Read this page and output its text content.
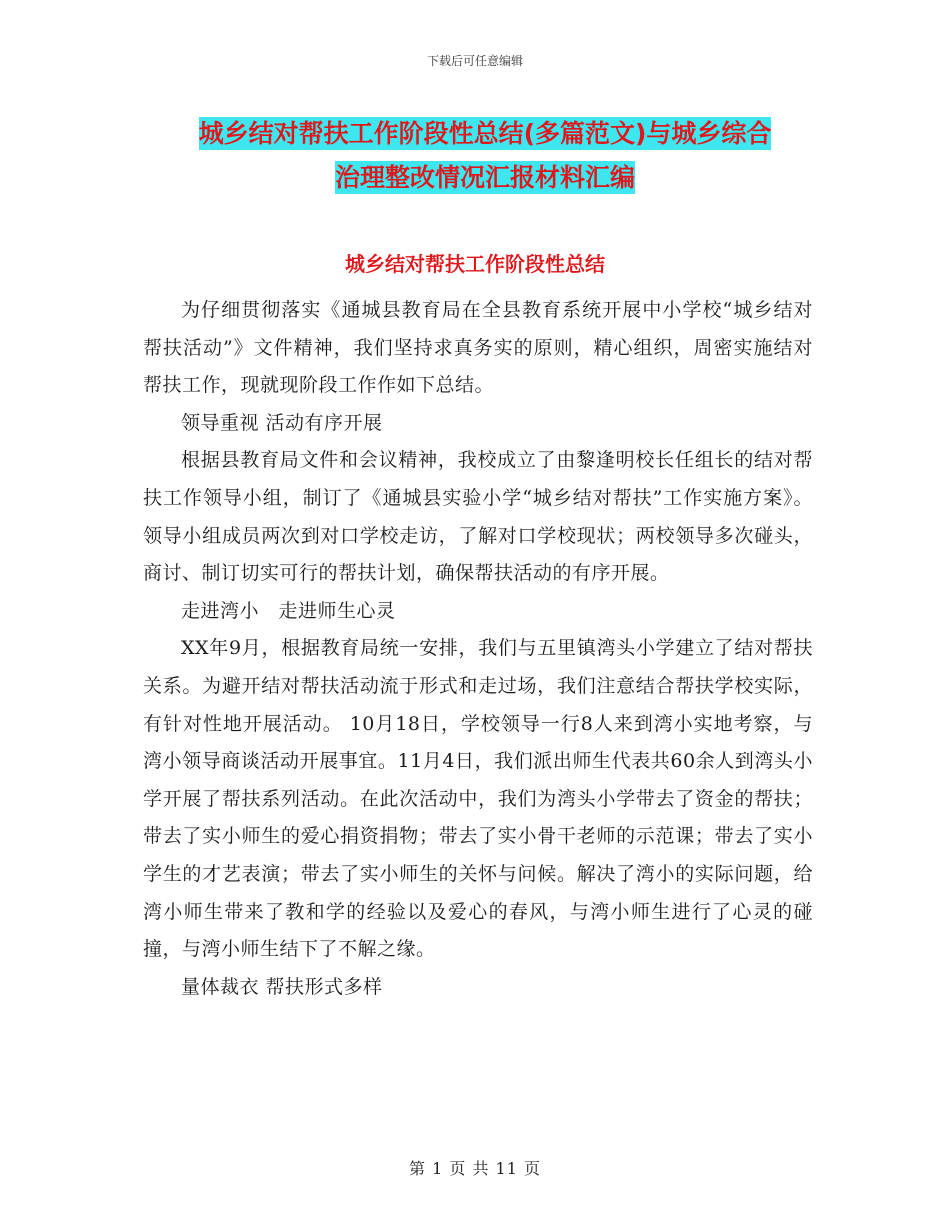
下载后可任意编辑
城乡结对帮扶工作阶段性总结(多篇范文)与城乡综合
治理整改情况汇报材料汇编
城乡结对帮扶工作阶段性总结

为仔细贯彻落实《通城县教育局在全县教育系统开展中小学校“城乡结对帮扶活动”》文件精神，我们坚持求真务实的原则，精心组织，周密实施结对帮扶工作，现就现阶段工作作如下总结。

领导重视 活动有序开展

根据县教育局文件和会议精神，我校成立了由黎逢明校长任组长的结对帮扶工作领导小组，制订了《通城县实验小学“城乡结对帮扶”工作实施方案》。领导小组成员两次到对口学校走访，了解对口学校现状；两校领导多次碰头，商讨、制订切实可行的帮扶计划，确保帮扶活动的有序开展。

走进湾小　走进师生心灵

XX年9月，根据教育局统一安排，我们与五里镇湾头小学建立了结对帮扶关系。为避开结对帮扶活动流于形式和走过场，我们注意结合帮扶学校实际，有针对性地开展活动。 10月18日，学校领导一行8人来到湾小实地考察，与湾小领导商谈活动开展事宜。11月4日，我们派出师生代表共60余人到湾头小学开展了帮扶系列活动。在此次活动中，我们为湾头小学带去了资金的帮扶；带去了实小师生的爱心捐资捐物；带去了实小骨干老师的示范课；带去了实小学生的才艺表演；带去了实小师生的关怀与问候。解决了湾小的实际问题，给湾小师生带来了教和学的经验以及爱心的春风，与湾小师生进行了心灵的碰撞，与湾小师生结下了不解之缘。

量体裁衣 帮扶形式多样

第 1 页 共 11 页
